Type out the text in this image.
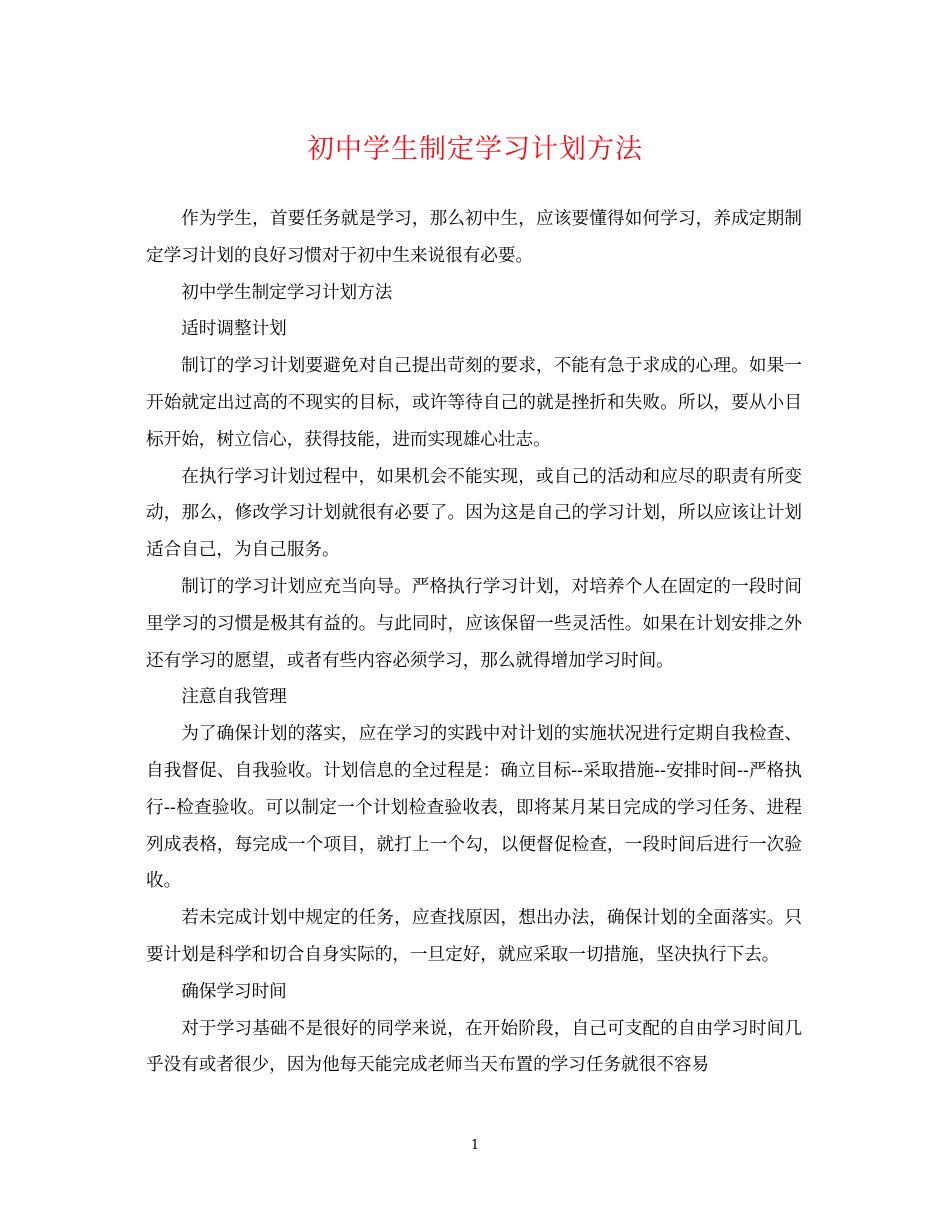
初中学生制定学习计划方法

作为学生，首要任务就是学习，那么初中生，应该要懂得如何学习，养成定期制定学习计划的良好习惯对于初中生来说很有必要。

初中学生制定学习计划方法

适时调整计划

制订的学习计划要避免对自己提出苛刻的要求，不能有急于求成的心理。如果一开始就定出过高的不现实的目标，或许等待自己的就是挫折和失败。所以，要从小目标开始，树立信心，获得技能，进而实现雄心壮志。

在执行学习计划过程中，如果机会不能实现，或自己的活动和应尽的职责有所变动，那么，修改学习计划就很有必要了。因为这是自己的学习计划，所以应该让计划适合自己，为自己服务。

制订的学习计划应充当向导。严格执行学习计划，对培养个人在固定的一段时间里学习的习惯是极其有益的。与此同时，应该保留一些灵活性。如果在计划安排之外还有学习的愿望，或者有些内容必须学习，那么就得增加学习时间。

注意自我管理

为了确保计划的落实，应在学习的实践中对计划的实施状况进行定期自我检查、自我督促、自我验收。计划信息的全过程是：确立目标--采取措施--安排时间--严格执行--检查验收。可以制定一个计划检查验收表，即将某月某日完成的学习任务、进程列成表格，每完成一个项目，就打上一个勾，以便督促检查，一段时间后进行一次验收。

若未完成计划中规定的任务，应查找原因，想出办法，确保计划的全面落实。只要计划是科学和切合自身实际的，一旦定好，就应采取一切措施，坚决执行下去。

确保学习时间

对于学习基础不是很好的同学来说，在开始阶段，自己可支配的自由学习时间几乎没有或者很少，因为他每天能完成老师当天布置的学习任务就很不容易

1
